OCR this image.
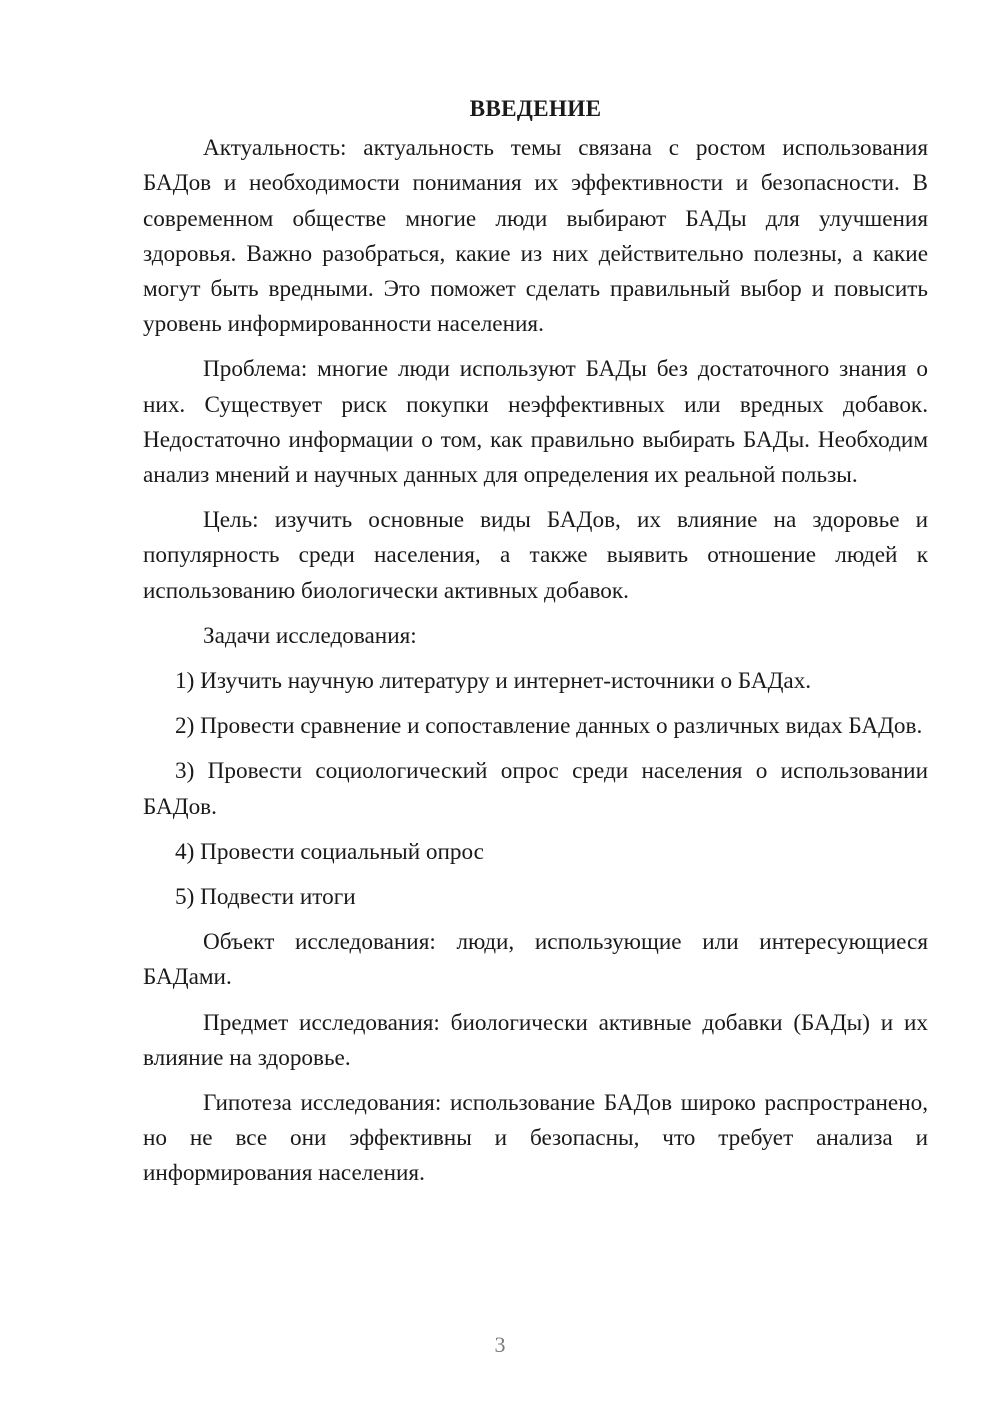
ВВЕДЕНИЕ

Актуальность: актуальность темы связана с ростом использования БАДов и необходимости понимания их эффективности и безопасности. В современном обществе многие люди выбирают БАДы для улучшения здоровья. Важно разобраться, какие из них действительно полезны, а какие могут быть вредными. Это поможет сделать правильный выбор и повысить уровень информированности населения.

Проблема: многие люди используют БАДы без достаточного знания о них. Существует риск покупки неэффективных или вредных добавок. Недостаточно информации о том, как правильно выбирать БАДы. Необходим анализ мнений и научных данных для определения их реальной пользы.

Цель: изучить основные виды БАДов, их влияние на здоровье и популярность среди населения, а также выявить отношение людей к использованию биологически активных добавок.

Задачи исследования:

1) Изучить научную литературу и интернет-источники о БАДах.

2) Провести сравнение и сопоставление данных о различных видах БАДов.

3) Провести социологический опрос среди населения о использовании БАДов.

4) Провести социальный опрос

5) Подвести итоги

Объект исследования: люди, использующие или интересующиеся БАДами.

Предмет исследования: биологически активные добавки (БАДы) и их влияние на здоровье.

Гипотеза исследования: использование БАДов широко распространено, но не все они эффективны и безопасны, что требует анализа и информирования населения.

3
